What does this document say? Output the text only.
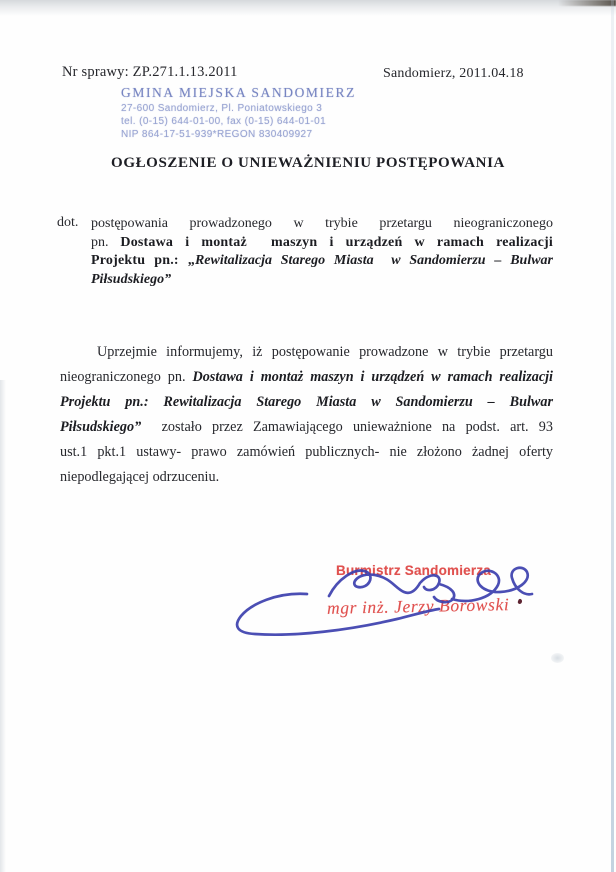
Nr sprawy: ZP.271.1.13.2011	Sandomierz, 2011.04.18
GMINA MIEJSKA SANDOMIERZ
27-600 Sandomierz, Pl. Poniatowskiego 3
tel. (0-15) 644-01-00, fax (0-15) 644-01-01
NIP 864-17-51-939*REGON 830409927
OGŁOSZENIE O UNIEWAŻNIENIU POSTĘPOWANIA
dot. postępowania prowadzonego w trybie przetargu nieograniczonego
pn. Dostawa i montaż  maszyn i urządzeń w ramach realizacji
Projektu pn.: „Rewitalizacja Starego Miasta  w Sandomierzu – Bulwar
Piłsudskiego”
Uprzejmie informujemy, iż postępowanie prowadzone w trybie przetargu
nieograniczonego pn. Dostawa i montaż maszyn i urządzeń w ramach realizacji
Projektu pn.: Rewitalizacja Starego Miasta w Sandomierzu – Bulwar
Piłsudskiego”  zostało przez Zamawiającego unieważnione na podst. art. 93
ust.1 pkt.1 ustawy- prawo zamówień publicznych- nie złożono żadnej oferty
niepodlegającej odrzuceniu.
Burmistrz Sandomierza
mgr inż. Jerzy Borowski
